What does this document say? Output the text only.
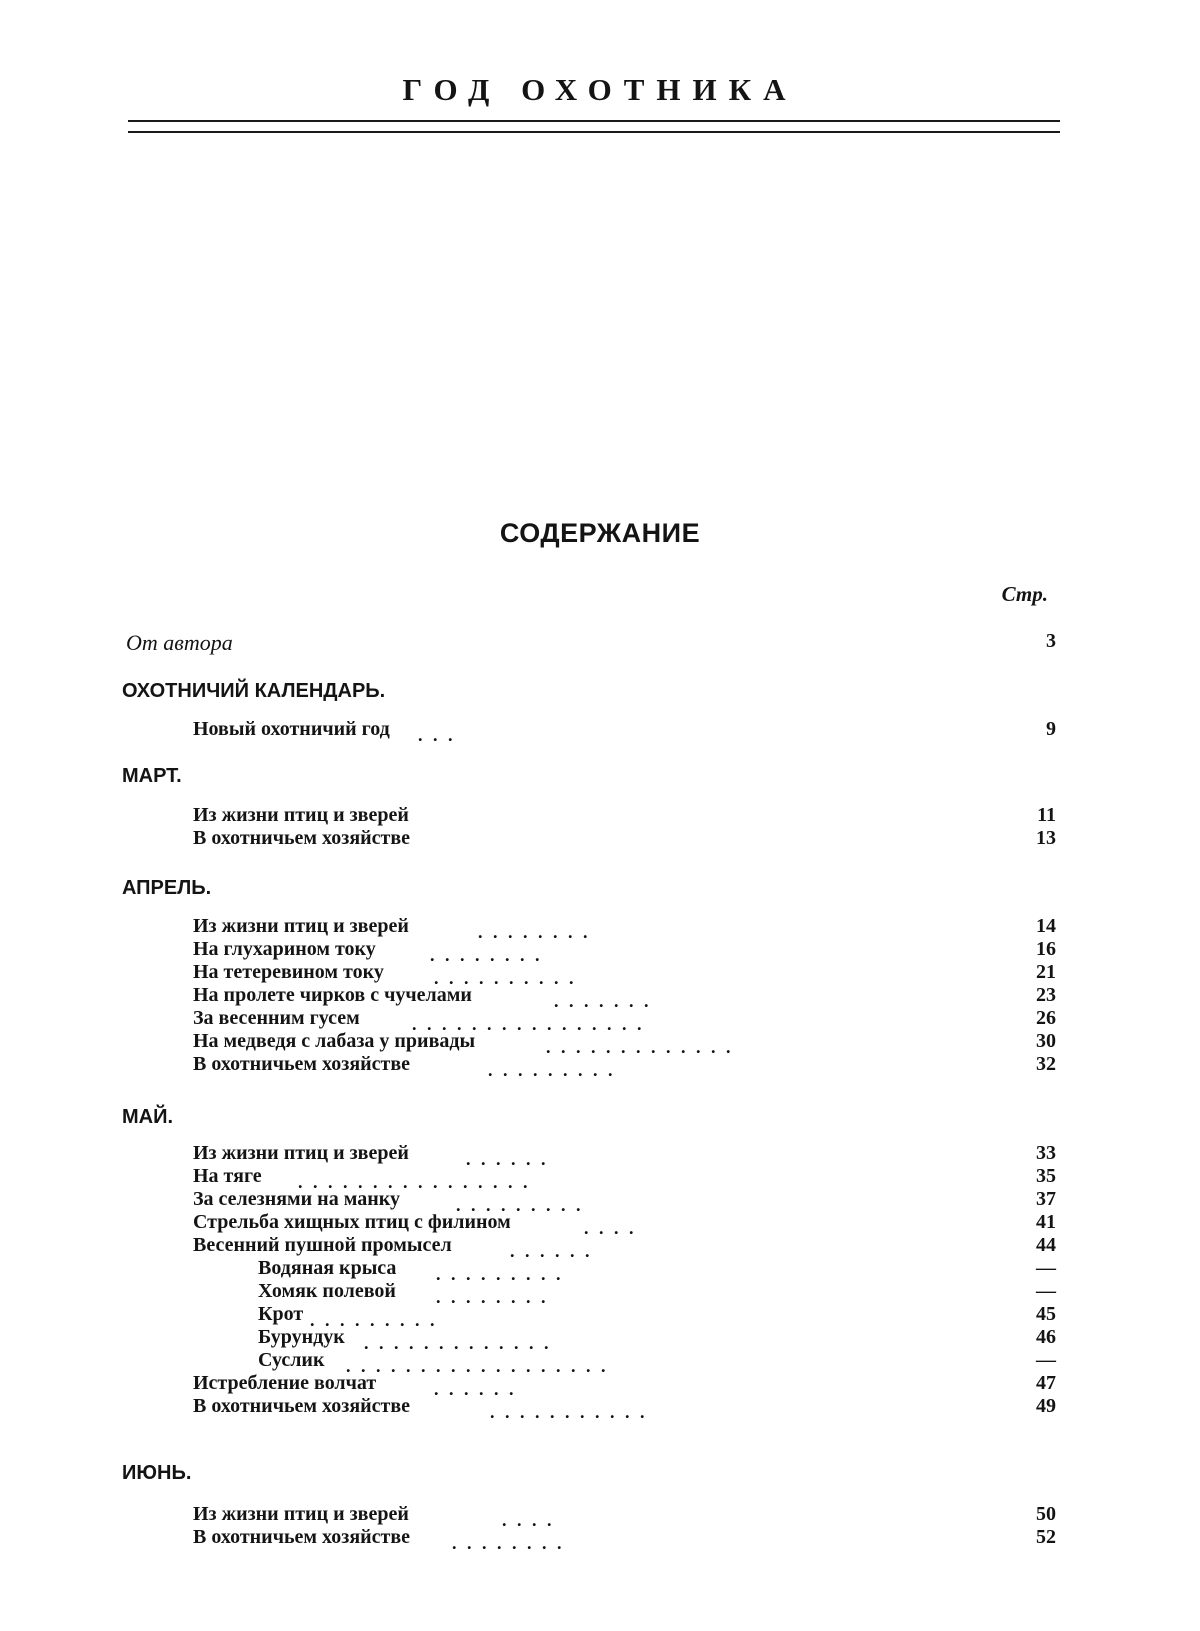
ГОД ОХОТНИКА
СОДЕРЖАНИЕ
Стр.
От автора	3
ОХОТНИЧИЙ КАЛЕНДАРЬ.
Новый охотничий год . . .	9
МАРТ.
Из жизни птиц и зверей	11
В охотничьем хозяйстве	13
АПРЕЛЬ.
Из жизни птиц и зверей	. . . . . . . .	14
На глухарином току	. . . . . . . .	16
На тетеревином току	. . . . . . . . . .	21
На пролете чирков с чучелами	. . . . . . .	23
За весенним гусем	. . . . . . . . . . . . . . . .	26
На медведя с лабаза у привады	. . . . . . . . . . . . .	30
В охотничьем хозяйстве	. . . . . . . . .	32
МАЙ.
Из жизни птиц и зверей	. . . . . .	33
На тяге . . . . . . . . . . . . . . . .	35
За селезнями на манку	. . . . . . . . .	37
Стрельба хищных птиц с филином	. . . .	41
Весенний пушной промысел	. . . . . .	44
Водяная крыса . . . . . . . . .	—
Хомяк полевой . . . . . . . .	—
Крот . . . . . . . . .	45
Бурундук . . . . . . . . . . . . .	46
Суслик . . . . . . . . . . . . . . . . . .	—
Истребление волчат	. . . . . .	47
В охотничьем хозяйстве	. . . . . . . . . . .	49
ИЮНЬ.
Из жизни птиц и зверей	. . . .	50
В охотничьем хозяйстве . . . . . . . .	52
